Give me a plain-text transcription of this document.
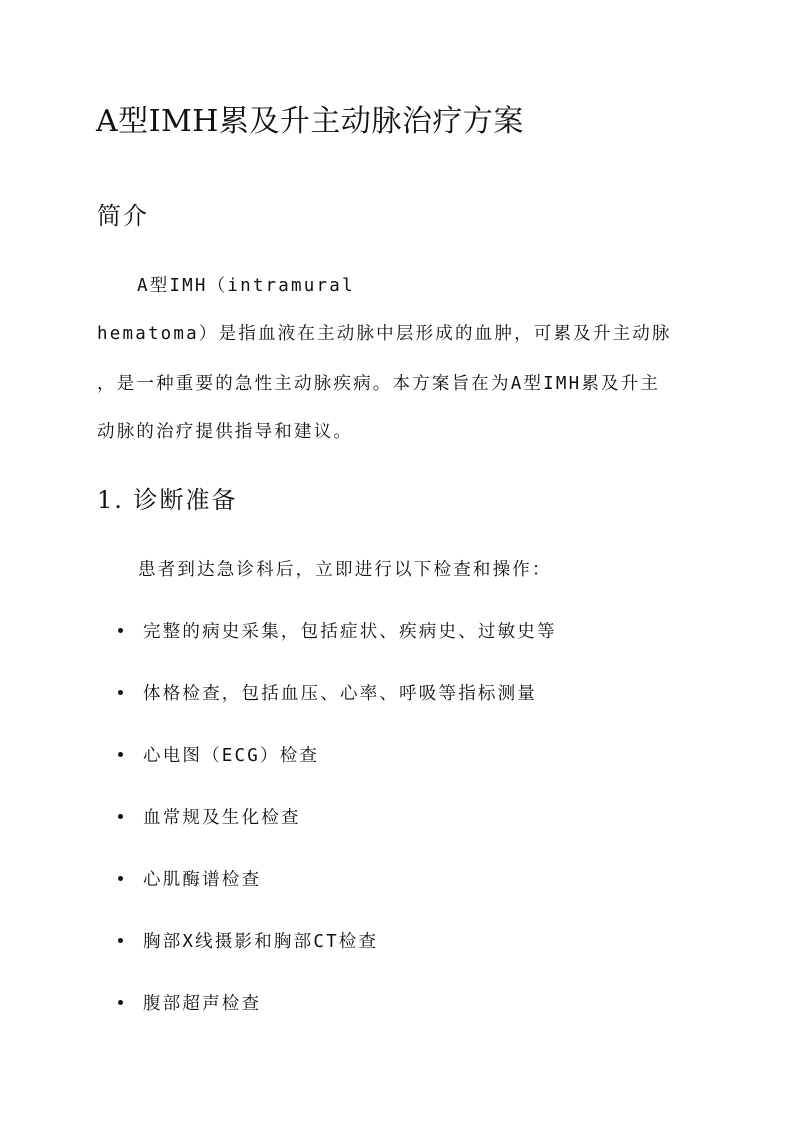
A型IMH累及升主动脉治疗方案
简介
A型IMH（intramural
hematoma）是指血液在主动脉中层形成的血肿，可累及升主动脉
，是一种重要的急性主动脉疾病。本方案旨在为A型IMH累及升主
动脉的治疗提供指导和建议。
1. 诊断准备
患者到达急诊科后，立即进行以下检查和操作：
完整的病史采集，包括症状、疾病史、过敏史等
体格检查，包括血压、心率、呼吸等指标测量
心电图（ECG）检查
血常规及生化检查
心肌酶谱检查
胸部X线摄影和胸部CT检查
腹部超声检查
